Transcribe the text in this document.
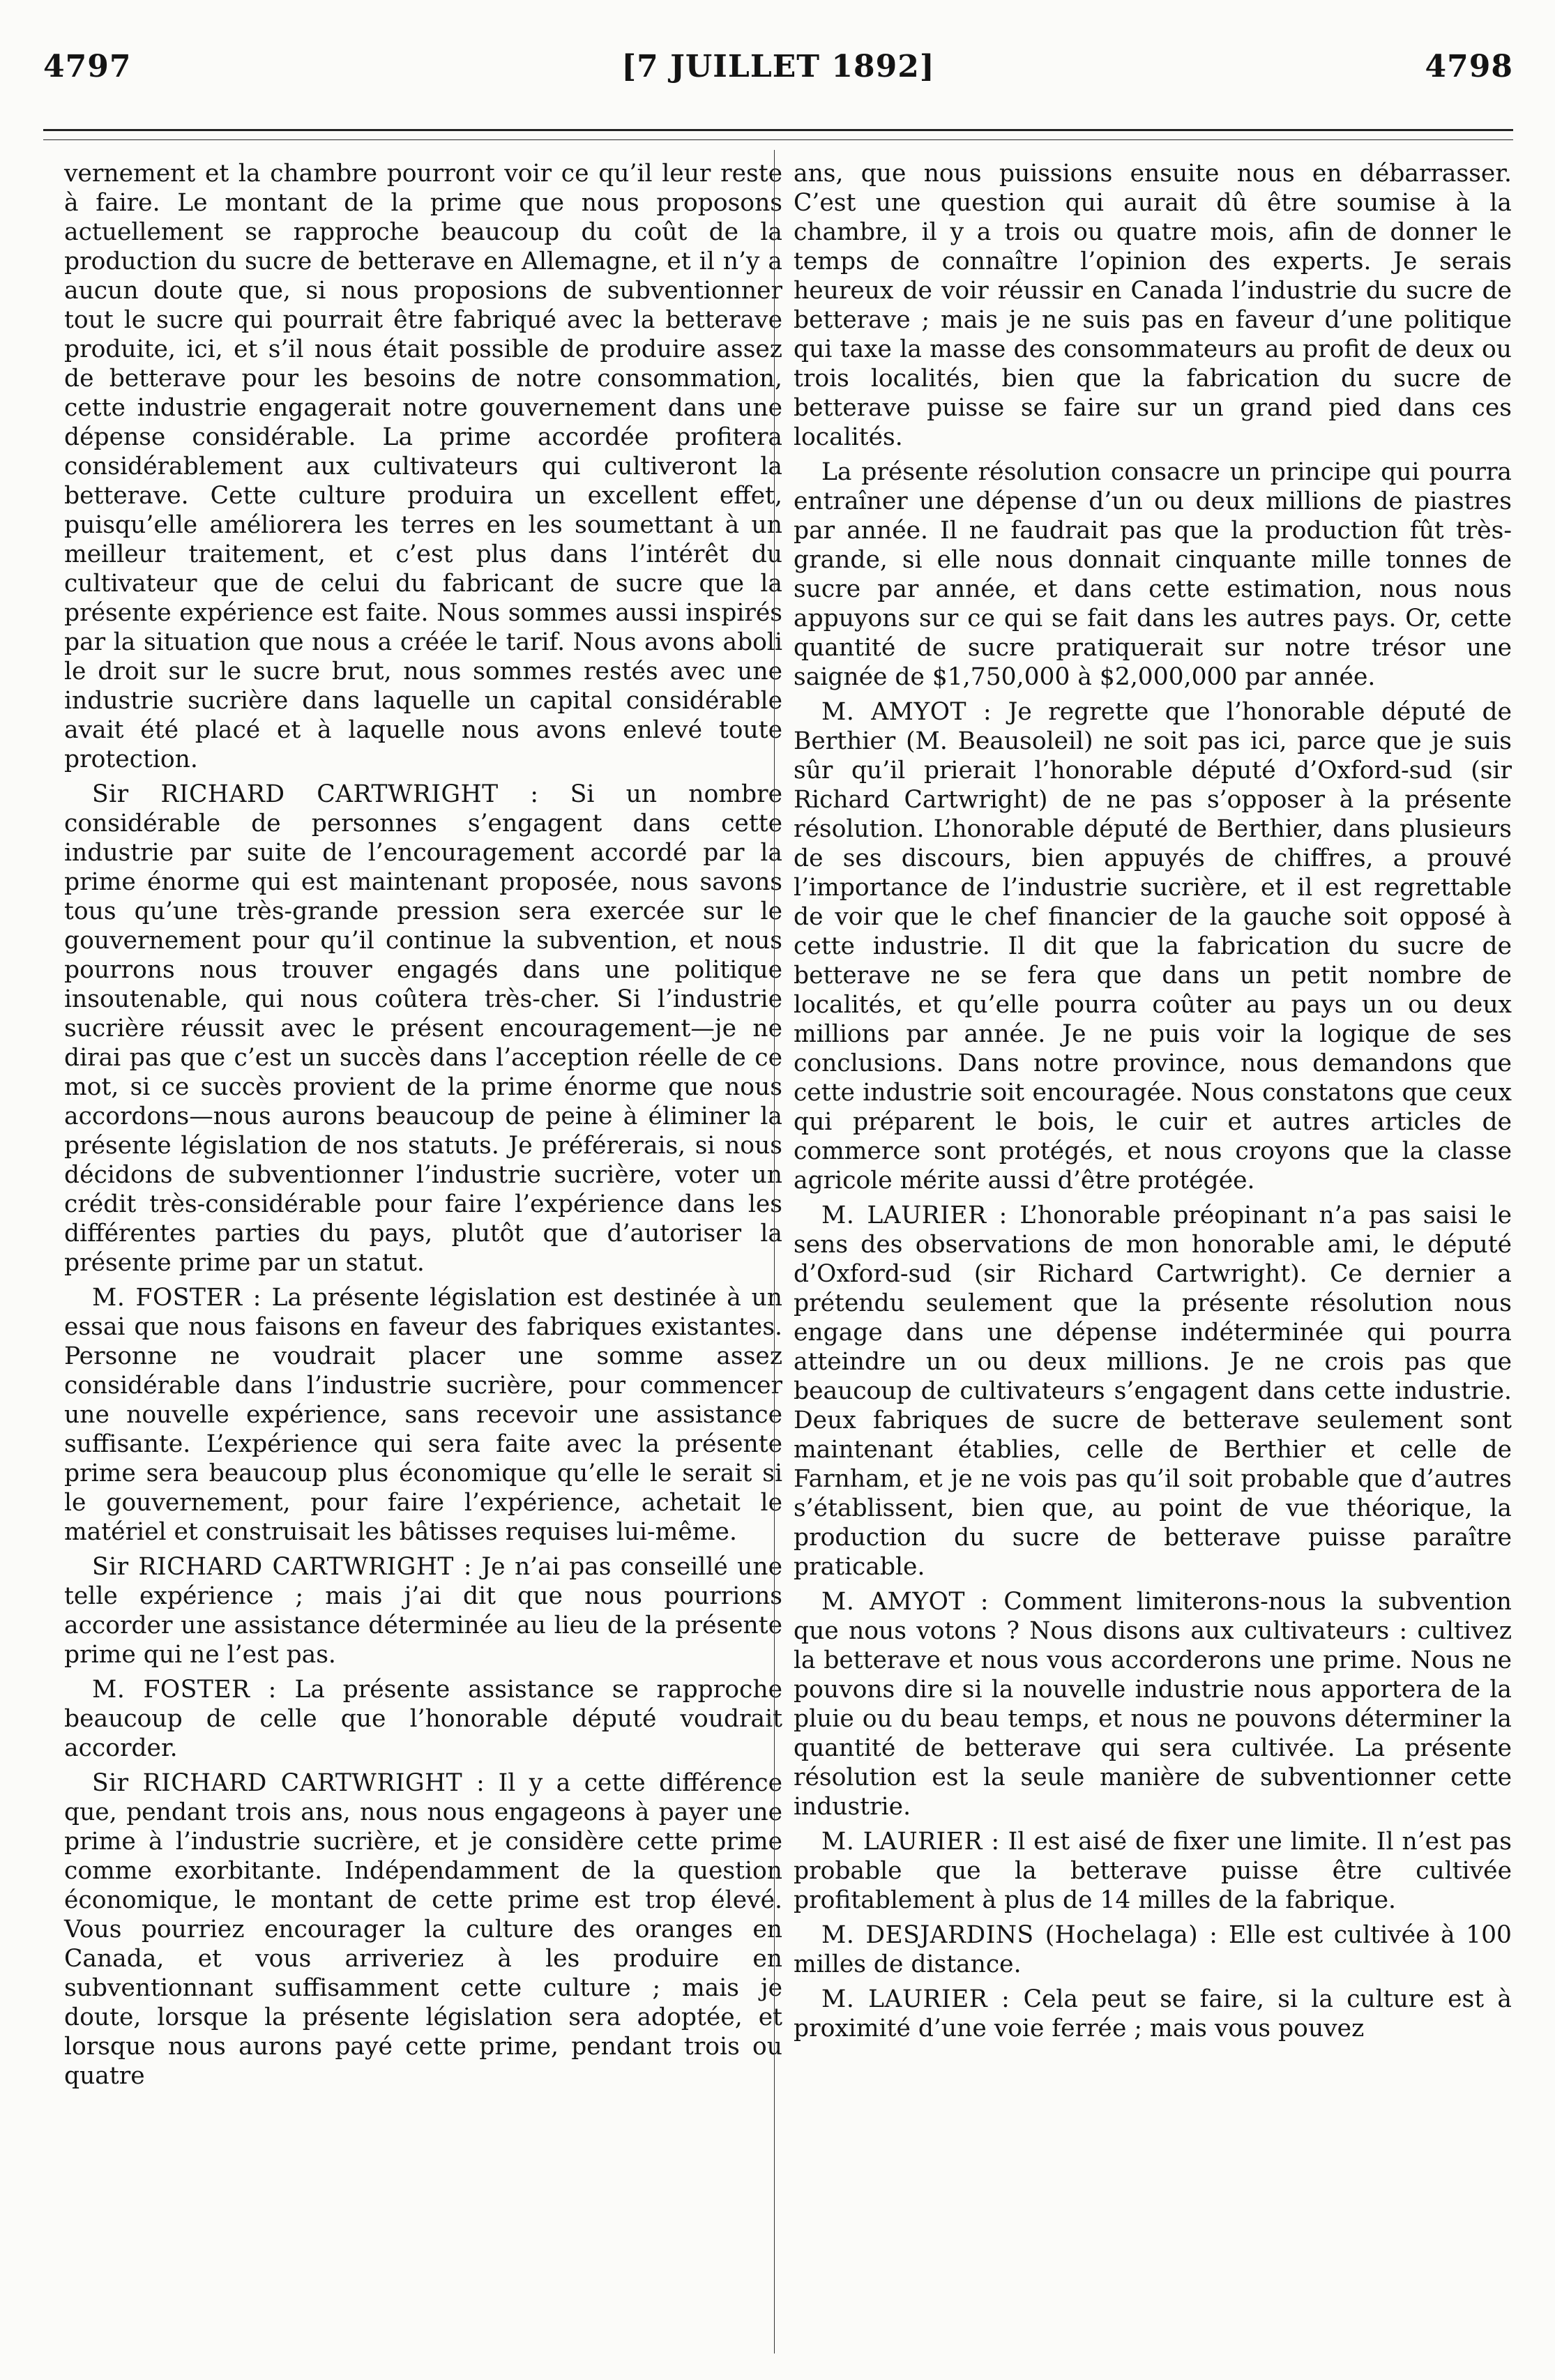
4797	[7 JUILLET 1892]	4798

vernement et la chambre pourront voir ce qu’il leur reste à faire. Le montant de la prime que nous proposons actuellement se rapproche beaucoup du coût de la production du sucre de betterave en Allemagne, et il n’y a aucun doute que, si nous proposions de subventionner tout le sucre qui pourrait être fabriqué avec la betterave produite, ici, et s’il nous était possible de produire assez de betterave pour les besoins de notre consommation, cette industrie engagerait notre gouvernement dans une dépense considérable. La prime accordée profitera considérablement aux cultivateurs qui cultiveront la betterave. Cette culture produira un excellent effet, puisqu’elle améliorera les terres en les soumettant à un meilleur traitement, et c’est plus dans l’intérêt du cultivateur que de celui du fabricant de sucre que la présente expérience est faite. Nous sommes aussi inspirés par la situation que nous a créée le tarif. Nous avons aboli le droit sur le sucre brut, nous sommes restés avec une industrie sucrière dans laquelle un capital considérable avait été placé et à laquelle nous avons enlevé toute protection.

Sir RICHARD CARTWRIGHT : Si un nombre considérable de personnes s’engagent dans cette industrie par suite de l’encouragement accordé par la prime énorme qui est maintenant proposée, nous savons tous qu’une très-grande pression sera exercée sur le gouvernement pour qu’il continue la subvention, et nous pourrons nous trouver engagés dans une politique insoutenable, qui nous coûtera très-cher. Si l’industrie sucrière réussit avec le présent encouragement—je ne dirai pas que c’est un succès dans l’acception réelle de ce mot, si ce succès provient de la prime énorme que nous accordons—nous aurons beaucoup de peine à éliminer la présente législation de nos statuts. Je préférerais, si nous décidons de subventionner l’industrie sucrière, voter un crédit très-considérable pour faire l’expérience dans les différentes parties du pays, plutôt que d’autoriser la présente prime par un statut.

M. FOSTER : La présente législation est destinée à un essai que nous faisons en faveur des fabriques existantes. Personne ne voudrait placer une somme assez considérable dans l’industrie sucrière, pour commencer une nouvelle expérience, sans recevoir une assistance suffisante. L’expérience qui sera faite avec la présente prime sera beaucoup plus économique qu’elle le serait si le gouvernement, pour faire l’expérience, achetait le matériel et construisait les bâtisses requises lui-même.

Sir RICHARD CARTWRIGHT : Je n’ai pas conseillé une telle expérience ; mais j’ai dit que nous pourrions accorder une assistance déterminée au lieu de la présente prime qui ne l’est pas.

M. FOSTER : La présente assistance se rapproche beaucoup de celle que l’honorable député voudrait accorder.

Sir RICHARD CARTWRIGHT : Il y a cette différence que, pendant trois ans, nous nous engageons à payer une prime à l’industrie sucrière, et je considère cette prime comme exorbitante. Indépendamment de la question économique, le montant de cette prime est trop élevé. Vous pourriez encourager la culture des oranges en Canada, et vous arriveriez à les produire en subventionnant suffisamment cette culture ; mais je doute, lorsque la présente législation sera adoptée, et lorsque nous aurons payé cette prime, pendant trois ou quatre

ans, que nous puissions ensuite nous en débarrasser. C’est une question qui aurait dû être soumise à la chambre, il y a trois ou quatre mois, afin de donner le temps de connaître l’opinion des experts. Je serais heureux de voir réussir en Canada l’industrie du sucre de betterave ; mais je ne suis pas en faveur d’une politique qui taxe la masse des consommateurs au profit de deux ou trois localités, bien que la fabrication du sucre de betterave puisse se faire sur un grand pied dans ces localités.

La présente résolution consacre un principe qui pourra entraîner une dépense d’un ou deux millions de piastres par année. Il ne faudrait pas que la production fût très-grande, si elle nous donnait cinquante mille tonnes de sucre par année, et dans cette estimation, nous nous appuyons sur ce qui se fait dans les autres pays. Or, cette quantité de sucre pratiquerait sur notre trésor une saignée de $1,750,000 à $2,000,000 par année.

M. AMYOT : Je regrette que l’honorable député de Berthier (M. Beausoleil) ne soit pas ici, parce que je suis sûr qu’il prierait l’honorable député d’Oxford-sud (sir Richard Cartwright) de ne pas s’opposer à la présente résolution. L’honorable député de Berthier, dans plusieurs de ses discours, bien appuyés de chiffres, a prouvé l’importance de l’industrie sucrière, et il est regrettable de voir que le chef financier de la gauche soit opposé à cette industrie. Il dit que la fabrication du sucre de betterave ne se fera que dans un petit nombre de localités, et qu’elle pourra coûter au pays un ou deux millions par année. Je ne puis voir la logique de ses conclusions. Dans notre province, nous demandons que cette industrie soit encouragée. Nous constatons que ceux qui préparent le bois, le cuir et autres articles de commerce sont protégés, et nous croyons que la classe agricole mérite aussi d’être protégée.

M. LAURIER : L’honorable préopinant n’a pas saisi le sens des observations de mon honorable ami, le député d’Oxford-sud (sir Richard Cartwright). Ce dernier a prétendu seulement que la présente résolution nous engage dans une dépense indéterminée qui pourra atteindre un ou deux millions. Je ne crois pas que beaucoup de cultivateurs s’engagent dans cette industrie. Deux fabriques de sucre de betterave seulement sont maintenant établies, celle de Berthier et celle de Farnham, et je ne vois pas qu’il soit probable que d’autres s’établissent, bien que, au point de vue théorique, la production du sucre de betterave puisse paraître praticable.

M. AMYOT : Comment limiterons-nous la subvention que nous votons ? Nous disons aux cultivateurs : cultivez la betterave et nous vous accorderons une prime. Nous ne pouvons dire si la nouvelle industrie nous apportera de la pluie ou du beau temps, et nous ne pouvons déterminer la quantité de betterave qui sera cultivée. La présente résolution est la seule manière de subventionner cette industrie.

M. LAURIER : Il est aisé de fixer une limite. Il n’est pas probable que la betterave puisse être cultivée profitablement à plus de 14 milles de la fabrique.

M. DESJARDINS (Hochelaga) : Elle est cultivée à 100 milles de distance.

M. LAURIER : Cela peut se faire, si la culture est à proximité d’une voie ferrée ; mais vous pouvez
